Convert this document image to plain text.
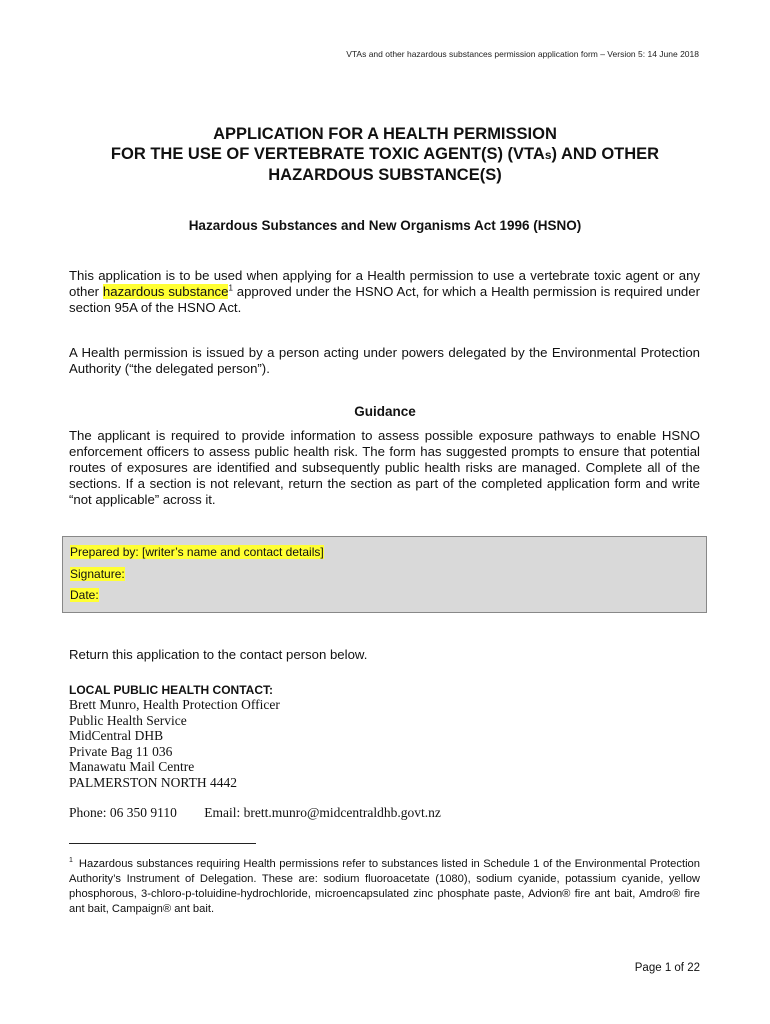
VTAs and other hazardous substances permission application form – Version 5: 14 June 2018
APPLICATION FOR A HEALTH PERMISSION
FOR THE USE OF VERTEBRATE TOXIC AGENT(S) (VTAs) AND OTHER
HAZARDOUS SUBSTANCE(S)
Hazardous Substances and New Organisms Act 1996 (HSNO)
This application is to be used when applying for a Health permission to use a vertebrate toxic agent or any other hazardous substance$^1$ approved under the HSNO Act, for which a Health permission is required under section 95A of the HSNO Act.
A Health permission is issued by a person acting under powers delegated by the Environmental Protection Authority (“the delegated person”).
Guidance
The applicant is required to provide information to assess possible exposure pathways to enable HSNO enforcement officers to assess public health risk. The form has suggested prompts to ensure that potential routes of exposures are identified and subsequently public health risks are managed. Complete all of the sections. If a section is not relevant, return the section as part of the completed application form and write “not applicable” across it.
Prepared by: [writer’s name and contact details]
Signature:
Date:
Return this application to the contact person below.
LOCAL PUBLIC HEALTH CONTACT:
Brett Munro, Health Protection Officer
Public Health Service
MidCentral DHB
Private Bag 11 036
Manawatu Mail Centre
PALMERSTON NORTH 4442
Phone: 06 350 9110 Email: brett.munro@midcentraldhb.govt.nz
$^1$ Hazardous substances requiring Health permissions refer to substances listed in Schedule 1 of the Environmental Protection Authority’s Instrument of Delegation. These are: sodium fluoroacetate (1080), sodium cyanide, potassium cyanide, yellow phosphorous, 3-chloro-p-toluidine-hydrochloride, microencapsulated zinc phosphate paste, Advion® fire ant bait, Amdro® fire ant bait, Campaign® ant bait.
Page 1 of 22
